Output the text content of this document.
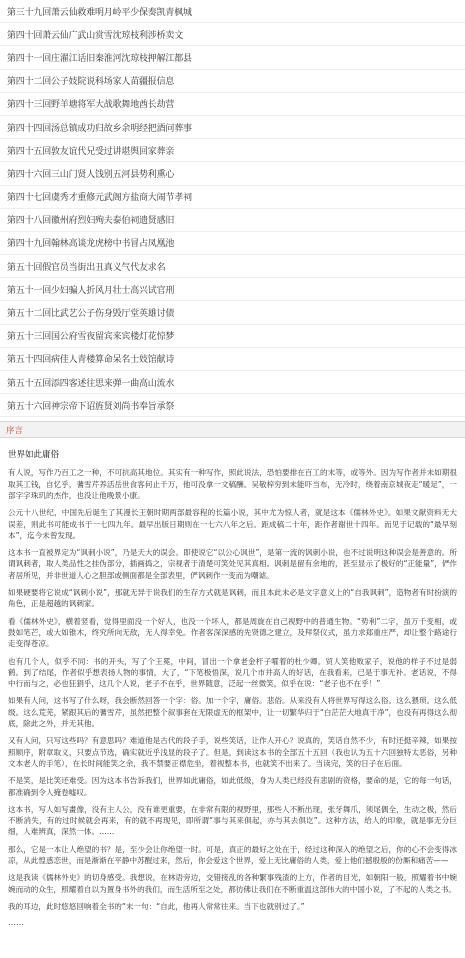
第三十九回萧云仙救难明月岭平少保奏凯青枫城
第四十回萧云仙广武山赏雪沈琼枝利涉桥卖文
第四十一回庄濯江话旧秦淮河沈琼枝押解江都县
第四十二回公子妓院说科场家人苗疆报信息
第四十三回野羊塘将军大战歌舞地酋长劫营
第四十四回汤总镇成功归故乡余明经把酒问葬事
第四十五回敦友谊代兄受过讲堪舆回家葬亲
第四十六回三山门贤人饯别五河县势利熏心
第四十七回虞秀才重修元武阁方盐商大闹节孝祠
第四十八回徽州府烈妇殉夫泰伯祠遗贤感旧
第四十九回翰林高谈龙虎榜中书冒占凤凰池
第五十回假官员当街出丑真义气代友求名
第五十一回少妇骗人折风月壮士高兴试官刑
第五十二回比武艺公子伤身毁厅堂英雄讨债
第五十三回国公府雪夜留宾来宾楼灯花惊梦
第五十四回病佳人青楼算命呆名士妓馆献诗
第五十五回添四客述往思来弹一曲高山流水
第五十六回神宗帝下诏旌贤刘尚书奉旨承祭
序言
世界如此庸俗

有人说，写作乃百工之一种，不可抗高其地位。其实有一种写作，照此说法，恐怕要排在百工的末等，或等外。因为写作者并未如期很取其工钱，自忆乎，蓍雪芹养活岳世食客何止千万，他可没拿一文稿酬。吴敬梓穷到未能吓当布，无冷时，绕着南京城夜走“暖足”，一部字字珠玑的杰作，也没让他晚景小康。

公元十八世纪，中国先后诞生了其漫长王朝时期两部最容程的长篇小说，其中尤为惊人者，就是这本《儒林外史》。如果文献资料无大误差，则此书可能成书于一七四九年。最早出版日期则在一七六八年之后。距成稿二十年，距作者谢世十四年。而见于记载的“最早刻本”，迄今未曾发现。

这本书一直被界定为“讽刺小说”，乃是天大的误会。即使说它“以公心讽世”，是第一流的讽刺小说，也不过说明这种误会是善意的。所谓讽刺者，取人类品性之挂伪部分，插画捣之，宗视者于清楚可笑处见其真相。讽刺是留有余地的，甚至显示了极好的“正能量”，俨作者居所见，并非世道人心之胆部或侧面都是全部表里，俨讽刺作一变而为嘲谑。

如果硬要将它说成“讽刺小说”，那就无异于说我们的生存方式就是讽刺，而且本此未必是文字意义上的“自我讽刺”，造物者有时扮演的角色，正是超越的讽刺家。

看《儒林外史》，横着竖看，觉得里面没一个好人，也没一个坏人，都是周旋在自己视野中的普通生物。“势利”二字，虽万千变相，或鼓如笔芒，或大如锥木，终究所向无敌，无人得幸免。作者客深深感的先贤德之建立，及拜祭仪式，虽力求郑重庄严，却让整个路途行走变得苍凉。

也有几个人，似乎不同：书的开头，写了个王冕，中间，冒出一个拿老金杆子嚯着的杜少卿。贸人笑他败家子，说他的样子不过是弱鹤。到了结尾，作者似乎想表扬人物的事情，大了，“下笔极悟深，说几个市井高人的好话，在我看来，已是于事无补。老话说，不得中行而与之，必也狂狷乎，这几个人说，老子不在乎，世界随意，泛起一丝微笑，似乎在说：“老子也不在乎！”

如果有人问，这书写了什么呀，我会断然回答一个字：俗。加一个字，庸俗。悲俗。从来没有人将世界写得这么俗。这么猥琐。这么低级。这么荒芜，紧跟其后的蓍雪芹，虽然把整个叙事套在无限虚无的框架中，让一切繁华归于“白茫茫大地真干净”，也没有再得这么彻底，除此之外，并无其他。

又有人问，只写这些吗？有意思吗？难道他是古代的段子手，说些笑话，让作人开心？说真的，笑话自然不少，有时还挺辛辣，如果按照顺序，附章取义，只要点节选，确实就近乎浅显的段子了。但是，到读这本书的全部五十五回（我也认为五十六回独特太恶俗，另种文本老人的手笔），在长时间能笑之余，我不禁要正襟危坐，着视整本书，也就笑不出来了。当读完，笑的日子在后面。

不是笑，是比笑还难受。因为这本书告诉我们，世界如此庸俗，如此低级，身为人类已经没有悲剧的资格，要命的是，它的每一句话，都准确到令人掩卷嘘叹。

这本书，写人如写畫像，没有主人公，没有谁更重要，在非常有限的视野里，那些人不断出现，张牙舞爪，须尾偶全，生动之极，然后不断消失，有的过时候就会再来，有的就不再现见，即所谓“事与其来俱起，亦与其去俱讫”。这种方法，给人的印象，就是事无分巨细，人难辨真，深然一体。……

那么，它是一本让人绝望的书？是，至少会让你绝望一时。可是，真正的最好之处在于，经过这种深入的绝望之后，你的心不会变得冰凉，从此惶惑恋世，而是渐渐在平静中苏醒过来，然后，你会爱这个世界，爱上无比庸俗的人类，爱上他们撼殷殷的份厮和痛苦——

这是我读《儒林外史》的切身感受。我想说，在林语旁边，交错接乱的各种繁事残渣的上方，作者的目光，如朝阳一般，照耀着书中婉婉而动的众生，照耀着自以为置身书外的我们，而生活所至之处，都彷佛让我们在不断重温这部伟大的中国小说，了不起的人类之书。

我的耳边，此时悠悠回响着全书的“末一句：“自此，他再人常常往来。当下也就别过了。”

……
